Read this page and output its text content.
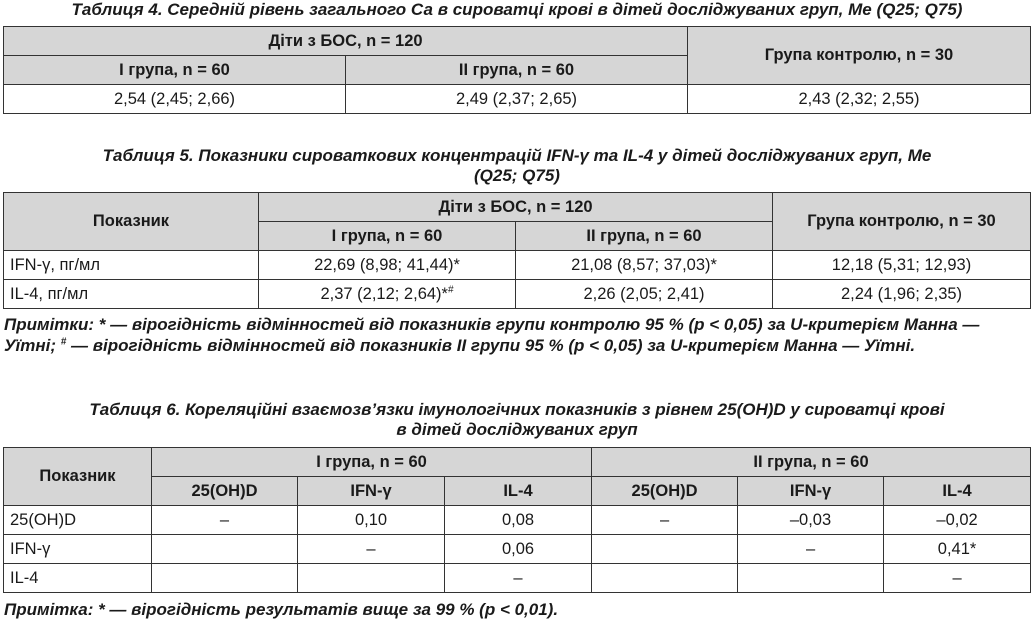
Таблиця 4. Середній рівень загального Са в сироватці крові в дітей досліджуваних груп, Ме (Q25; Q75)

Діти з БОС, n = 120		Група контролю, n = 30
І група, n = 60	ІІ група, n = 60	
2,54 (2,45; 2,66)	2,49 (2,37; 2,65)	2,43 (2,32; 2,55)

Таблиця 5. Показники сироваткових концентрацій IFN-γ та IL-4 у дітей досліджуваних груп, Ме

(Q25; Q75)

Показник	Діти з БОС, n = 120		Група контролю, n = 30
	І група, n = 60	ІІ група, n = 60	
IFN-γ, пг/мл	22,69 (8,98; 41,44)*	21,08 (8,57; 37,03)*	12,18 (5,31; 12,93)
IL-4, пг/мл	2,37 (2,12; 2,64)*#	2,26 (2,05; 2,41)	2,24 (1,96; 2,35)

Примітки: * — вірогідність відмінностей від показників групи контролю 95 % (р < 0,05) за U-критерієм Манна — Уїтні; # — вірогідність відмінностей від показників ІІ групи 95 % (р < 0,05) за U-критерієм Манна — Уїтні.

Таблиця 6. Кореляційні взаємозв’язки імунологічних показників з рівнем 25(OH)D у сироватці крові

в дітей досліджуваних груп

Показник	І група, n = 60			ІІ група, n = 60		
	25(OH)D	IFN-γ	IL-4	25(OH)D	IFN-γ	IL-4
25(OH)D	–	0,10	0,08	–	–0,03	–0,02
IFN-γ		–	0,06		–	0,41*
IL-4			–			–

Примітка: * — вірогідність результатів вище за 99 % (р < 0,01).
